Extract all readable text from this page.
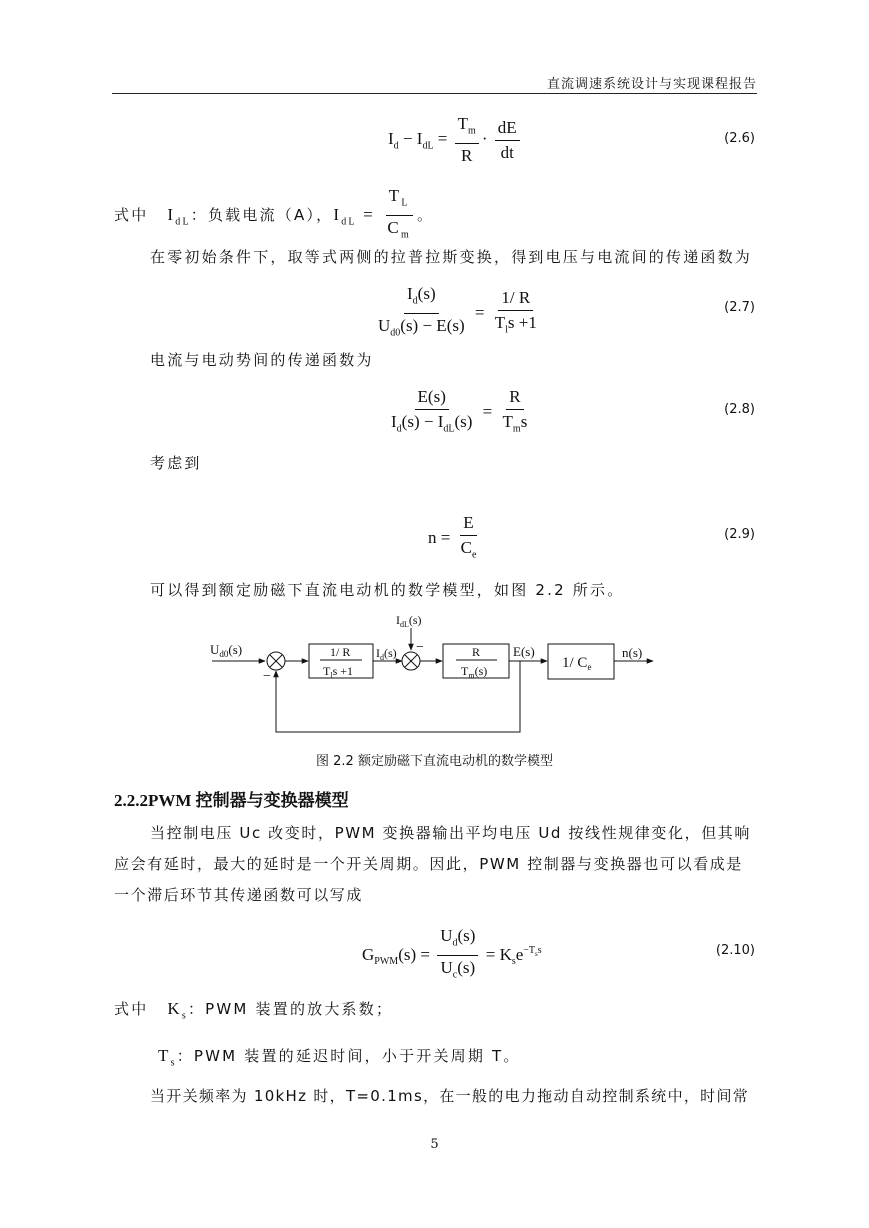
直流调速系统设计与实现课程报告
$I_d - I_{dL} = \frac{T_m}{R} \cdot \frac{dE}{dt}$	(2.6)
式中 $I_{dL}$：负载电流（A），$I_{dL} = \frac{T_L}{C_m}$ 。
在零初始条件下，取等式两侧的拉普拉斯变换，得到电压与电流间的传递函数为
$\frac{I_d(s)}{U_{d0}(s) - E(s)} = \frac{1/ R}{T_ls +1}$	(2.7)
电流与电动势间的传递函数为
$\frac{E(s)}{I_d(s) - I_{dL}(s)} = \frac{R}{T_ms}$	(2.8)
考虑到
$n = \frac{E}{C_e}$	(2.9)
可以得到额定励磁下直流电动机的数学模型，如图 2.2 所示。
$U_{d0}(s)$
−
1/ R
$T_ls +1$
$I_d(s)$
$I_{dL}(s)$
−	R
$T_m(s)$
E(s)
1/ $C_e$
n(s)
图 2.2 额定励磁下直流电动机的数学模型
2.2.2PWM 控制器与变换器模型
当控制电压 Uc 改变时，PWM 变换器输出平均电压 Ud 按线性规律变化，但其响应会有延时，最大的延时是一个开关周期。因此，PWM 控制器与变换器也可以看成是一个滞后环节其传递函数可以写成
$G_{PWM}(s) = \frac{U_d(s)}{U_c(s)} = K_se^{-T_ss}$	(2.10)
式中 $K_s$：PWM 装置的放大系数；
$T_s$：PWM 装置的延迟时间，小于开关周期 T。
当开关频率为 10kHz 时，T=0.1ms，在一般的电力拖动自动控制系统中，时间常
5
